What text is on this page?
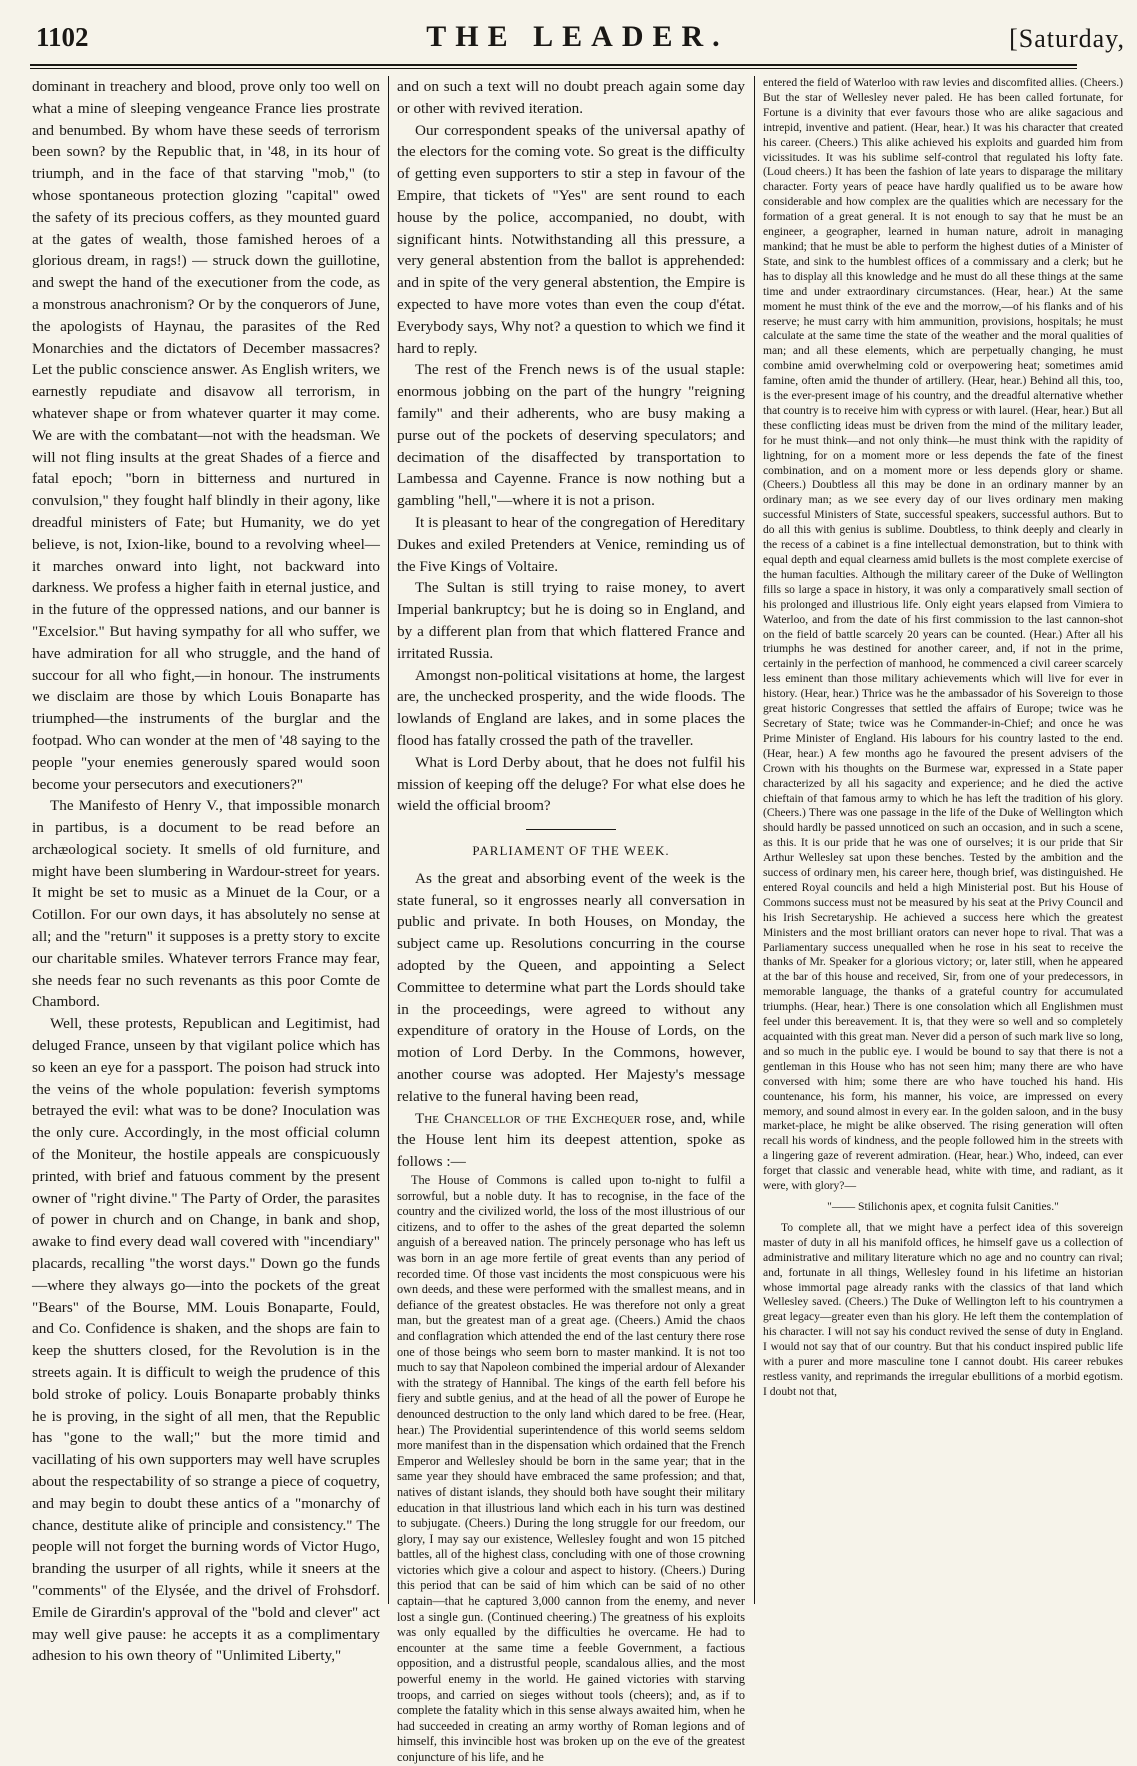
1102	THE LEADER.	[Saturday,

dominant in treachery and blood, prove only too well on what a mine of sleeping vengeance France lies prostrate and benumbed. By whom have these seeds of terrorism been sown? by the Republic that, in '48, in its hour of triumph, and in the face of that starving "mob," (to whose spontaneous protection glozing "capital" owed the safety of its precious coffers, as they mounted guard at the gates of wealth, those famished heroes of a glorious dream, in rags!) — struck down the guillotine, and swept the hand of the executioner from the code, as a monstrous anachronism? Or by the conquerors of June, the apologists of Haynau, the parasites of the Red Monarchies and the dictators of December massacres? Let the public conscience answer. As English writers, we earnestly repudiate and disavow all terrorism, in whatever shape or from whatever quarter it may come. We are with the combatant—not with the headsman. We will not fling insults at the great Shades of a fierce and fatal epoch; "born in bitterness and nurtured in convulsion," they fought half blindly in their agony, like dreadful ministers of Fate; but Humanity, we do yet believe, is not, Ixion-like, bound to a revolving wheel—it marches onward into light, not backward into darkness. We profess a higher faith in eternal justice, and in the future of the oppressed nations, and our banner is "Excelsior." But having sympathy for all who suffer, we have admiration for all who struggle, and the hand of succour for all who fight,—in honour. The instruments we disclaim are those by which Louis Bonaparte has triumphed—the instruments of the burglar and the footpad. Who can wonder at the men of '48 saying to the people "your enemies generously spared would soon become your persecutors and executioners?"

The Manifesto of Henry V., that impossible monarch in partibus, is a document to be read before an archæological society. It smells of old furniture, and might have been slumbering in Wardour-street for years. It might be set to music as a Minuet de la Cour, or a Cotillon. For our own days, it has absolutely no sense at all; and the "return" it supposes is a pretty story to excite our charitable smiles. Whatever terrors France may fear, she needs fear no such revenants as this poor Comte de Chambord.

Well, these protests, Republican and Legitimist, had deluged France, unseen by that vigilant police which has so keen an eye for a passport. The poison had struck into the veins of the whole population: feverish symptoms betrayed the evil: what was to be done? Inoculation was the only cure. Accordingly, in the most official column of the Moniteur, the hostile appeals are conspicuously printed, with brief and fatuous comment by the present owner of "right divine." The Party of Order, the parasites of power in church and on Change, in bank and shop, awake to find every dead wall covered with "incendiary" placards, recalling "the worst days." Down go the funds—where they always go—into the pockets of the great "Bears" of the Bourse, MM. Louis Bonaparte, Fould, and Co. Confidence is shaken, and the shops are fain to keep the shutters closed, for the Revolution is in the streets again. It is difficult to weigh the prudence of this bold stroke of policy. Louis Bonaparte probably thinks he is proving, in the sight of all men, that the Republic has "gone to the wall;" but the more timid and vacillating of his own supporters may well have scruples about the respectability of so strange a piece of coquetry, and may begin to doubt these antics of a "monarchy of chance, destitute alike of principle and consistency." The people will not forget the burning words of Victor Hugo, branding the usurper of all rights, while it sneers at the "comments" of the Elysée, and the drivel of Frohsdorf. Emile de Girardin's approval of the "bold and clever" act may well give pause: he accepts it as a complimentary adhesion to his own theory of "Unlimited Liberty,"

and on such a text will no doubt preach again some day or other with revived iteration.

Our correspondent speaks of the universal apathy of the electors for the coming vote. So great is the difficulty of getting even supporters to stir a step in favour of the Empire, that tickets of "Yes" are sent round to each house by the police, accompanied, no doubt, with significant hints. Notwithstanding all this pressure, a very general abstention from the ballot is apprehended: and in spite of the very general abstention, the Empire is expected to have more votes than even the coup d'état. Everybody says, Why not? a question to which we find it hard to reply.

The rest of the French news is of the usual staple: enormous jobbing on the part of the hungry "reigning family" and their adherents, who are busy making a purse out of the pockets of deserving speculators; and decimation of the disaffected by transportation to Lambessa and Cayenne. France is now nothing but a gambling "hell,"—where it is not a prison.

It is pleasant to hear of the congregation of Hereditary Dukes and exiled Pretenders at Venice, reminding us of the Five Kings of Voltaire.

The Sultan is still trying to raise money, to avert Imperial bankruptcy; but he is doing so in England, and by a different plan from that which flattered France and irritated Russia.

Amongst non-political visitations at home, the largest are, the unchecked prosperity, and the wide floods. The lowlands of England are lakes, and in some places the flood has fatally crossed the path of the traveller.

What is Lord Derby about, that he does not fulfil his mission of keeping off the deluge? For what else does he wield the official broom?

PARLIAMENT OF THE WEEK.

As the great and absorbing event of the week is the state funeral, so it engrosses nearly all conversation in public and private. In both Houses, on Monday, the subject came up. Resolutions concurring in the course adopted by the Queen, and appointing a Select Committee to determine what part the Lords should take in the proceedings, were agreed to without any expenditure of oratory in the House of Lords, on the motion of Lord Derby. In the Commons, however, another course was adopted. Her Majesty's message relative to the funeral having been read,

The Chancellor of the Exchequer rose, and, while the House lent him its deepest attention, spoke as follows :—

The House of Commons is called upon to-night to fulfil a sorrowful, but a noble duty. It has to recognise, in the face of the country and the civilized world, the loss of the most illustrious of our citizens, and to offer to the ashes of the great departed the solemn anguish of a bereaved nation. The princely personage who has left us was born in an age more fertile of great events than any period of recorded time. Of those vast incidents the most conspicuous were his own deeds, and these were performed with the smallest means, and in defiance of the greatest obstacles. He was therefore not only a great man, but the greatest man of a great age. (Cheers.) Amid the chaos and conflagration which attended the end of the last century there rose one of those beings who seem born to master mankind. It is not too much to say that Napoleon combined the imperial ardour of Alexander with the strategy of Hannibal. The kings of the earth fell before his fiery and subtle genius, and at the head of all the power of Europe he denounced destruction to the only land which dared to be free. (Hear, hear.) The Providential superintendence of this world seems seldom more manifest than in the dispensation which ordained that the French Emperor and Wellesley should be born in the same year; that in the same year they should have embraced the same profession; and that, natives of distant islands, they should both have sought their military education in that illustrious land which each in his turn was destined to subjugate. (Cheers.) During the long struggle for our freedom, our glory, I may say our existence, Wellesley fought and won 15 pitched battles, all of the highest class, concluding with one of those crowning victories which give a colour and aspect to history. (Cheers.) During this period that can be said of him which can be said of no other captain—that he captured 3,000 cannon from the enemy, and never lost a single gun. (Continued cheering.) The greatness of his exploits was only equalled by the difficulties he overcame. He had to encounter at the same time a feeble Government, a factious opposition, and a distrustful people, scandalous allies, and the most powerful enemy in the world. He gained victories with starving troops, and carried on sieges without tools (cheers); and, as if to complete the fatality which in this sense always awaited him, when he had succeeded in creating an army worthy of Roman legions and of himself, this invincible host was broken up on the eve of the greatest conjuncture of his life, and he

entered the field of Waterloo with raw levies and discomfited allies. (Cheers.) But the star of Wellesley never paled. He has been called fortunate, for Fortune is a divinity that ever favours those who are alike sagacious and intrepid, inventive and patient. (Hear, hear.) It was his character that created his career. (Cheers.) This alike achieved his exploits and guarded him from vicissitudes. It was his sublime self-control that regulated his lofty fate. (Loud cheers.) It has been the fashion of late years to disparage the military character. Forty years of peace have hardly qualified us to be aware how considerable and how complex are the qualities which are necessary for the formation of a great general. It is not enough to say that he must be an engineer, a geographer, learned in human nature, adroit in managing mankind; that he must be able to perform the highest duties of a Minister of State, and sink to the humblest offices of a commissary and a clerk; but he has to display all this knowledge and he must do all these things at the same time and under extraordinary circumstances. (Hear, hear.) At the same moment he must think of the eve and the morrow,—of his flanks and of his reserve; he must carry with him ammunition, provisions, hospitals; he must calculate at the same time the state of the weather and the moral qualities of man; and all these elements, which are perpetually changing, he must combine amid overwhelming cold or overpowering heat; sometimes amid famine, often amid the thunder of artillery. (Hear, hear.) Behind all this, too, is the ever-present image of his country, and the dreadful alternative whether that country is to receive him with cypress or with laurel. (Hear, hear.) But all these conflicting ideas must be driven from the mind of the military leader, for he must think—and not only think—he must think with the rapidity of lightning, for on a moment more or less depends the fate of the finest combination, and on a moment more or less depends glory or shame. (Cheers.) Doubtless all this may be done in an ordinary manner by an ordinary man; as we see every day of our lives ordinary men making successful Ministers of State, successful speakers, successful authors. But to do all this with genius is sublime. Doubtless, to think deeply and clearly in the recess of a cabinet is a fine intellectual demonstration, but to think with equal depth and equal clearness amid bullets is the most complete exercise of the human faculties. Although the military career of the Duke of Wellington fills so large a space in history, it was only a comparatively small section of his prolonged and illustrious life. Only eight years elapsed from Vimiera to Waterloo, and from the date of his first commission to the last cannon-shot on the field of battle scarcely 20 years can be counted. (Hear.) After all his triumphs he was destined for another career, and, if not in the prime, certainly in the perfection of manhood, he commenced a civil career scarcely less eminent than those military achievements which will live for ever in history. (Hear, hear.) Thrice was he the ambassador of his Sovereign to those great historic Congresses that settled the affairs of Europe; twice was he Secretary of State; twice was he Commander-in-Chief; and once he was Prime Minister of England. His labours for his country lasted to the end. (Hear, hear.) A few months ago he favoured the present advisers of the Crown with his thoughts on the Burmese war, expressed in a State paper characterized by all his sagacity and experience; and he died the active chieftain of that famous army to which he has left the tradition of his glory. (Cheers.) There was one passage in the life of the Duke of Wellington which should hardly be passed unnoticed on such an occasion, and in such a scene, as this. It is our pride that he was one of ourselves; it is our pride that Sir Arthur Wellesley sat upon these benches. Tested by the ambition and the success of ordinary men, his career here, though brief, was distinguished. He entered Royal councils and held a high Ministerial post. But his House of Commons success must not be measured by his seat at the Privy Council and his Irish Secretaryship. He achieved a success here which the greatest Ministers and the most brilliant orators can never hope to rival. That was a Parliamentary success unequalled when he rose in his seat to receive the thanks of Mr. Speaker for a glorious victory; or, later still, when he appeared at the bar of this house and received, Sir, from one of your predecessors, in memorable language, the thanks of a grateful country for accumulated triumphs. (Hear, hear.) There is one consolation which all Englishmen must feel under this bereavement. It is, that they were so well and so completely acquainted with this great man. Never did a person of such mark live so long, and so much in the public eye. I would be bound to say that there is not a gentleman in this House who has not seen him; many there are who have conversed with him; some there are who have touched his hand. His countenance, his form, his manner, his voice, are impressed on every memory, and sound almost in every ear. In the golden saloon, and in the busy market-place, he might be alike observed. The rising generation will often recall his words of kindness, and the people followed him in the streets with a lingering gaze of reverent admiration. (Hear, hear.) Who, indeed, can ever forget that classic and venerable head, white with time, and radiant, as it were, with glory?—

"—— Stilichonis apex, et cognita fulsit Canities."

To complete all, that we might have a perfect idea of this sovereign master of duty in all his manifold offices, he himself gave us a collection of administrative and military literature which no age and no country can rival; and, fortunate in all things, Wellesley found in his lifetime an historian whose immortal page already ranks with the classics of that land which Wellesley saved. (Cheers.) The Duke of Wellington left to his countrymen a great legacy—greater even than his glory. He left them the contemplation of his character. I will not say his conduct revived the sense of duty in England. I would not say that of our country. But that his conduct inspired public life with a purer and more masculine tone I cannot doubt. His career rebukes restless vanity, and reprimands the irregular ebullitions of a morbid egotism. I doubt not that,
